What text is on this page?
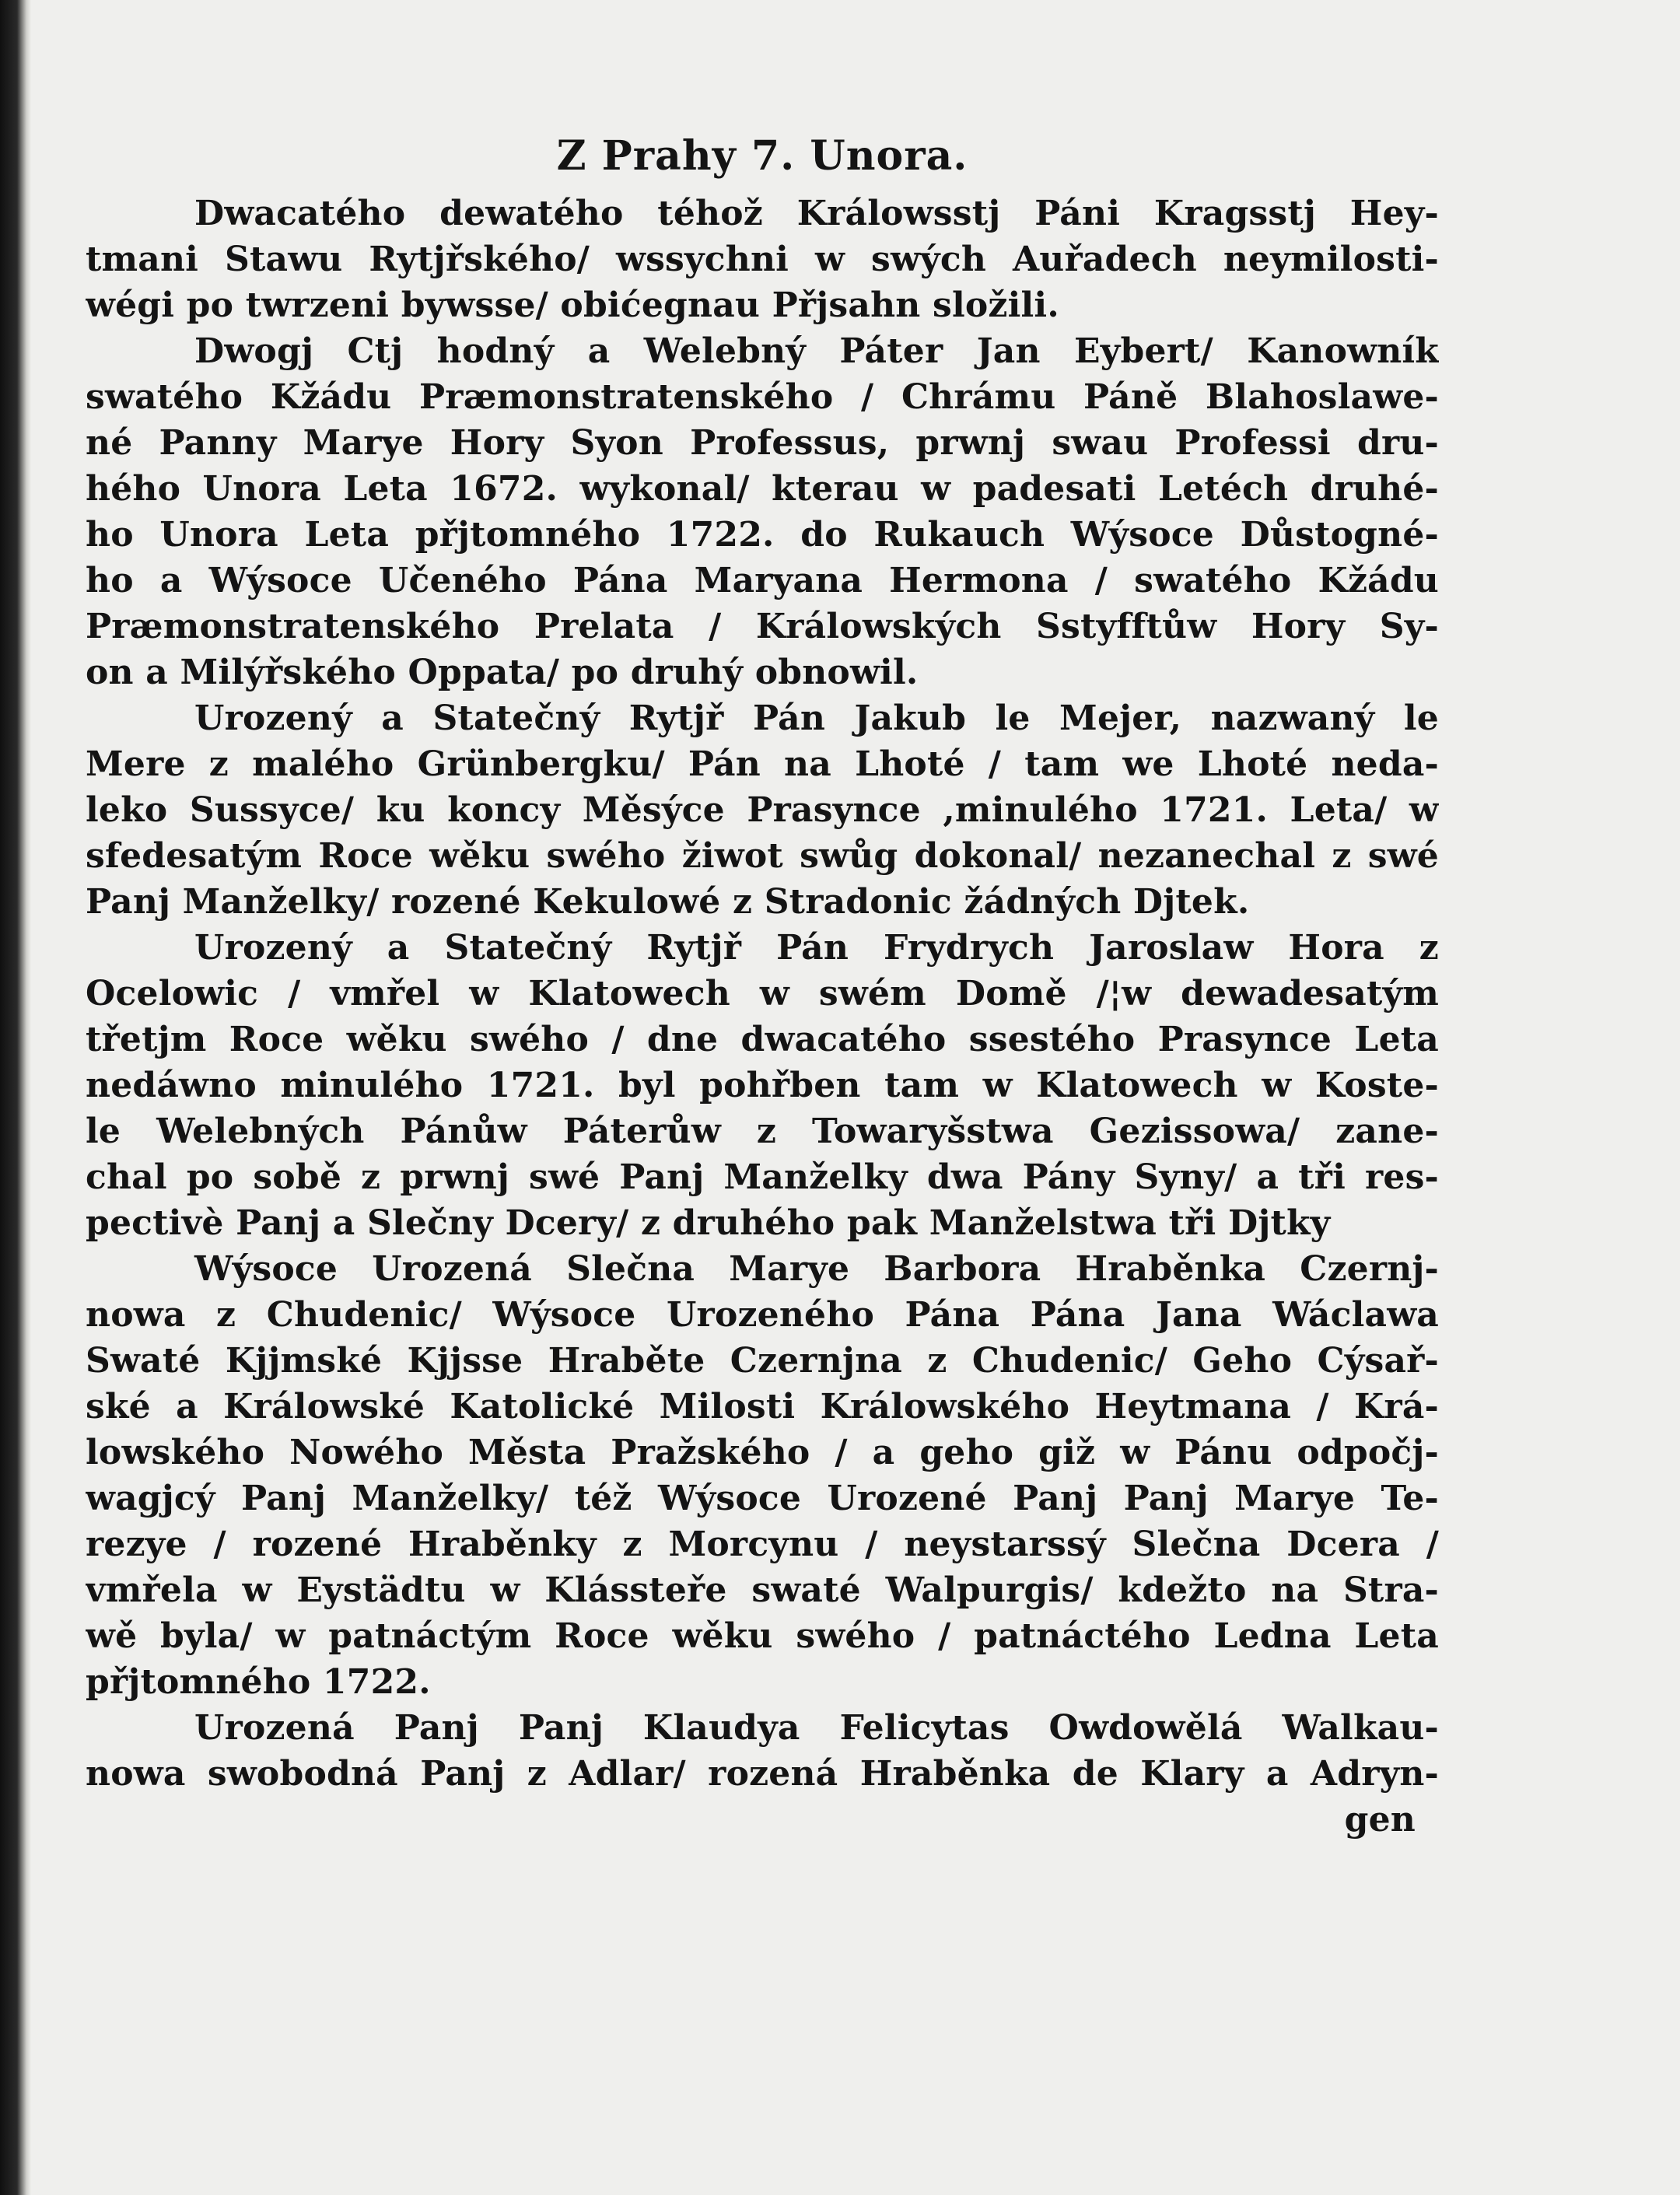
Z Prahy 7. Unora.
Dwacatého dewatého téhož Králowsstj Páni Kragsstj Hey-
tmani Stawu Rytjřského/ wssychni w swých Auřadech neymilosti-
wégi po twrzeni bywsse/ obićegnau Přjsahn složili.
Dwogj Ctj hodný a Welebný Páter Jan Eybert/ Kanowník
swatého Kžádu Præmonstratenského / Chrámu Páně Blahoslawe-
né Panny Marye Hory Syon Professus, prwnj swau Professi dru-
hého Unora Leta 1672. wykonal/ kterau w padesati Letéch druhé-
ho Unora Leta přjtomného 1722. do Rukauch Wýsoce Důstogné-
ho a Wýsoce Učeného Pána Maryana Hermona / swatého Kžádu
Præmonstratenského Prelata / Králowských Sstyfftůw Hory Sy-
on a Milýřského Oppata/ po druhý obnowil.
Urozený a Statečný Rytjř Pán Jakub le Mejer, nazwaný le
Mere z malého Grünbergku/ Pán na Lhoté / tam we Lhoté neda-
leko Sussyce/ ku koncy Měsýce Prasynce ,minulého 1721. Leta/ w
sfedesatým Roce wěku swého žiwot swůg dokonal/ nezanechal z swé
Panj Manželky/ rozené Kekulowé z Stradonic žádných Djtek.
Urozený a Statečný Rytjř Pán Frydrych Jaroslaw Hora z
Ocelowic / vmřel w Klatowech w swém Domě /¦w dewadesatým
třetjm Roce wěku swého / dne dwacatého ssestého Prasynce Leta
nedáwno minulého 1721. byl pohřben tam w Klatowech w Koste-
le Welebných Pánůw Páterůw z Towaryšstwa Gezissowa/ zane-
chal po sobě z prwnj swé Panj Manželky dwa Pány Syny/ a tři res-
pectivè Panj a Slečny Dcery/ z druhého pak Manželstwa tři Djtky
Wýsoce Urozená Slečna Marye Barbora Hraběnka Czernj-
nowa z Chudenic/ Wýsoce Urozeného Pána Pána Jana Wáclawa
Swaté Kjjmské Kjjsse Hraběte Czernjna z Chudenic/ Geho Cýsař-
ské a Králowské Katolické Milosti Králowského Heytmana / Krá-
lowského Nowého Města Pražského / a geho giž w Pánu odpočj-
wagjcý Panj Manželky/ též Wýsoce Urozené Panj Panj Marye Te-
rezye / rozené Hraběnky z Morcynu / neystarssý Slečna Dcera /
vmřela w Eystädtu w Klássteře swaté Walpurgis/ kdežto na Stra-
wě byla/ w patnáctým Roce wěku swého / patnáctého Ledna Leta
přjtomného 1722.
Urozená Panj Panj Klaudya Felicytas Owdowělá Walkau-
nowa swobodná Panj z Adlar/ rozená Hraběnka de Klary a Adryn-
gen
